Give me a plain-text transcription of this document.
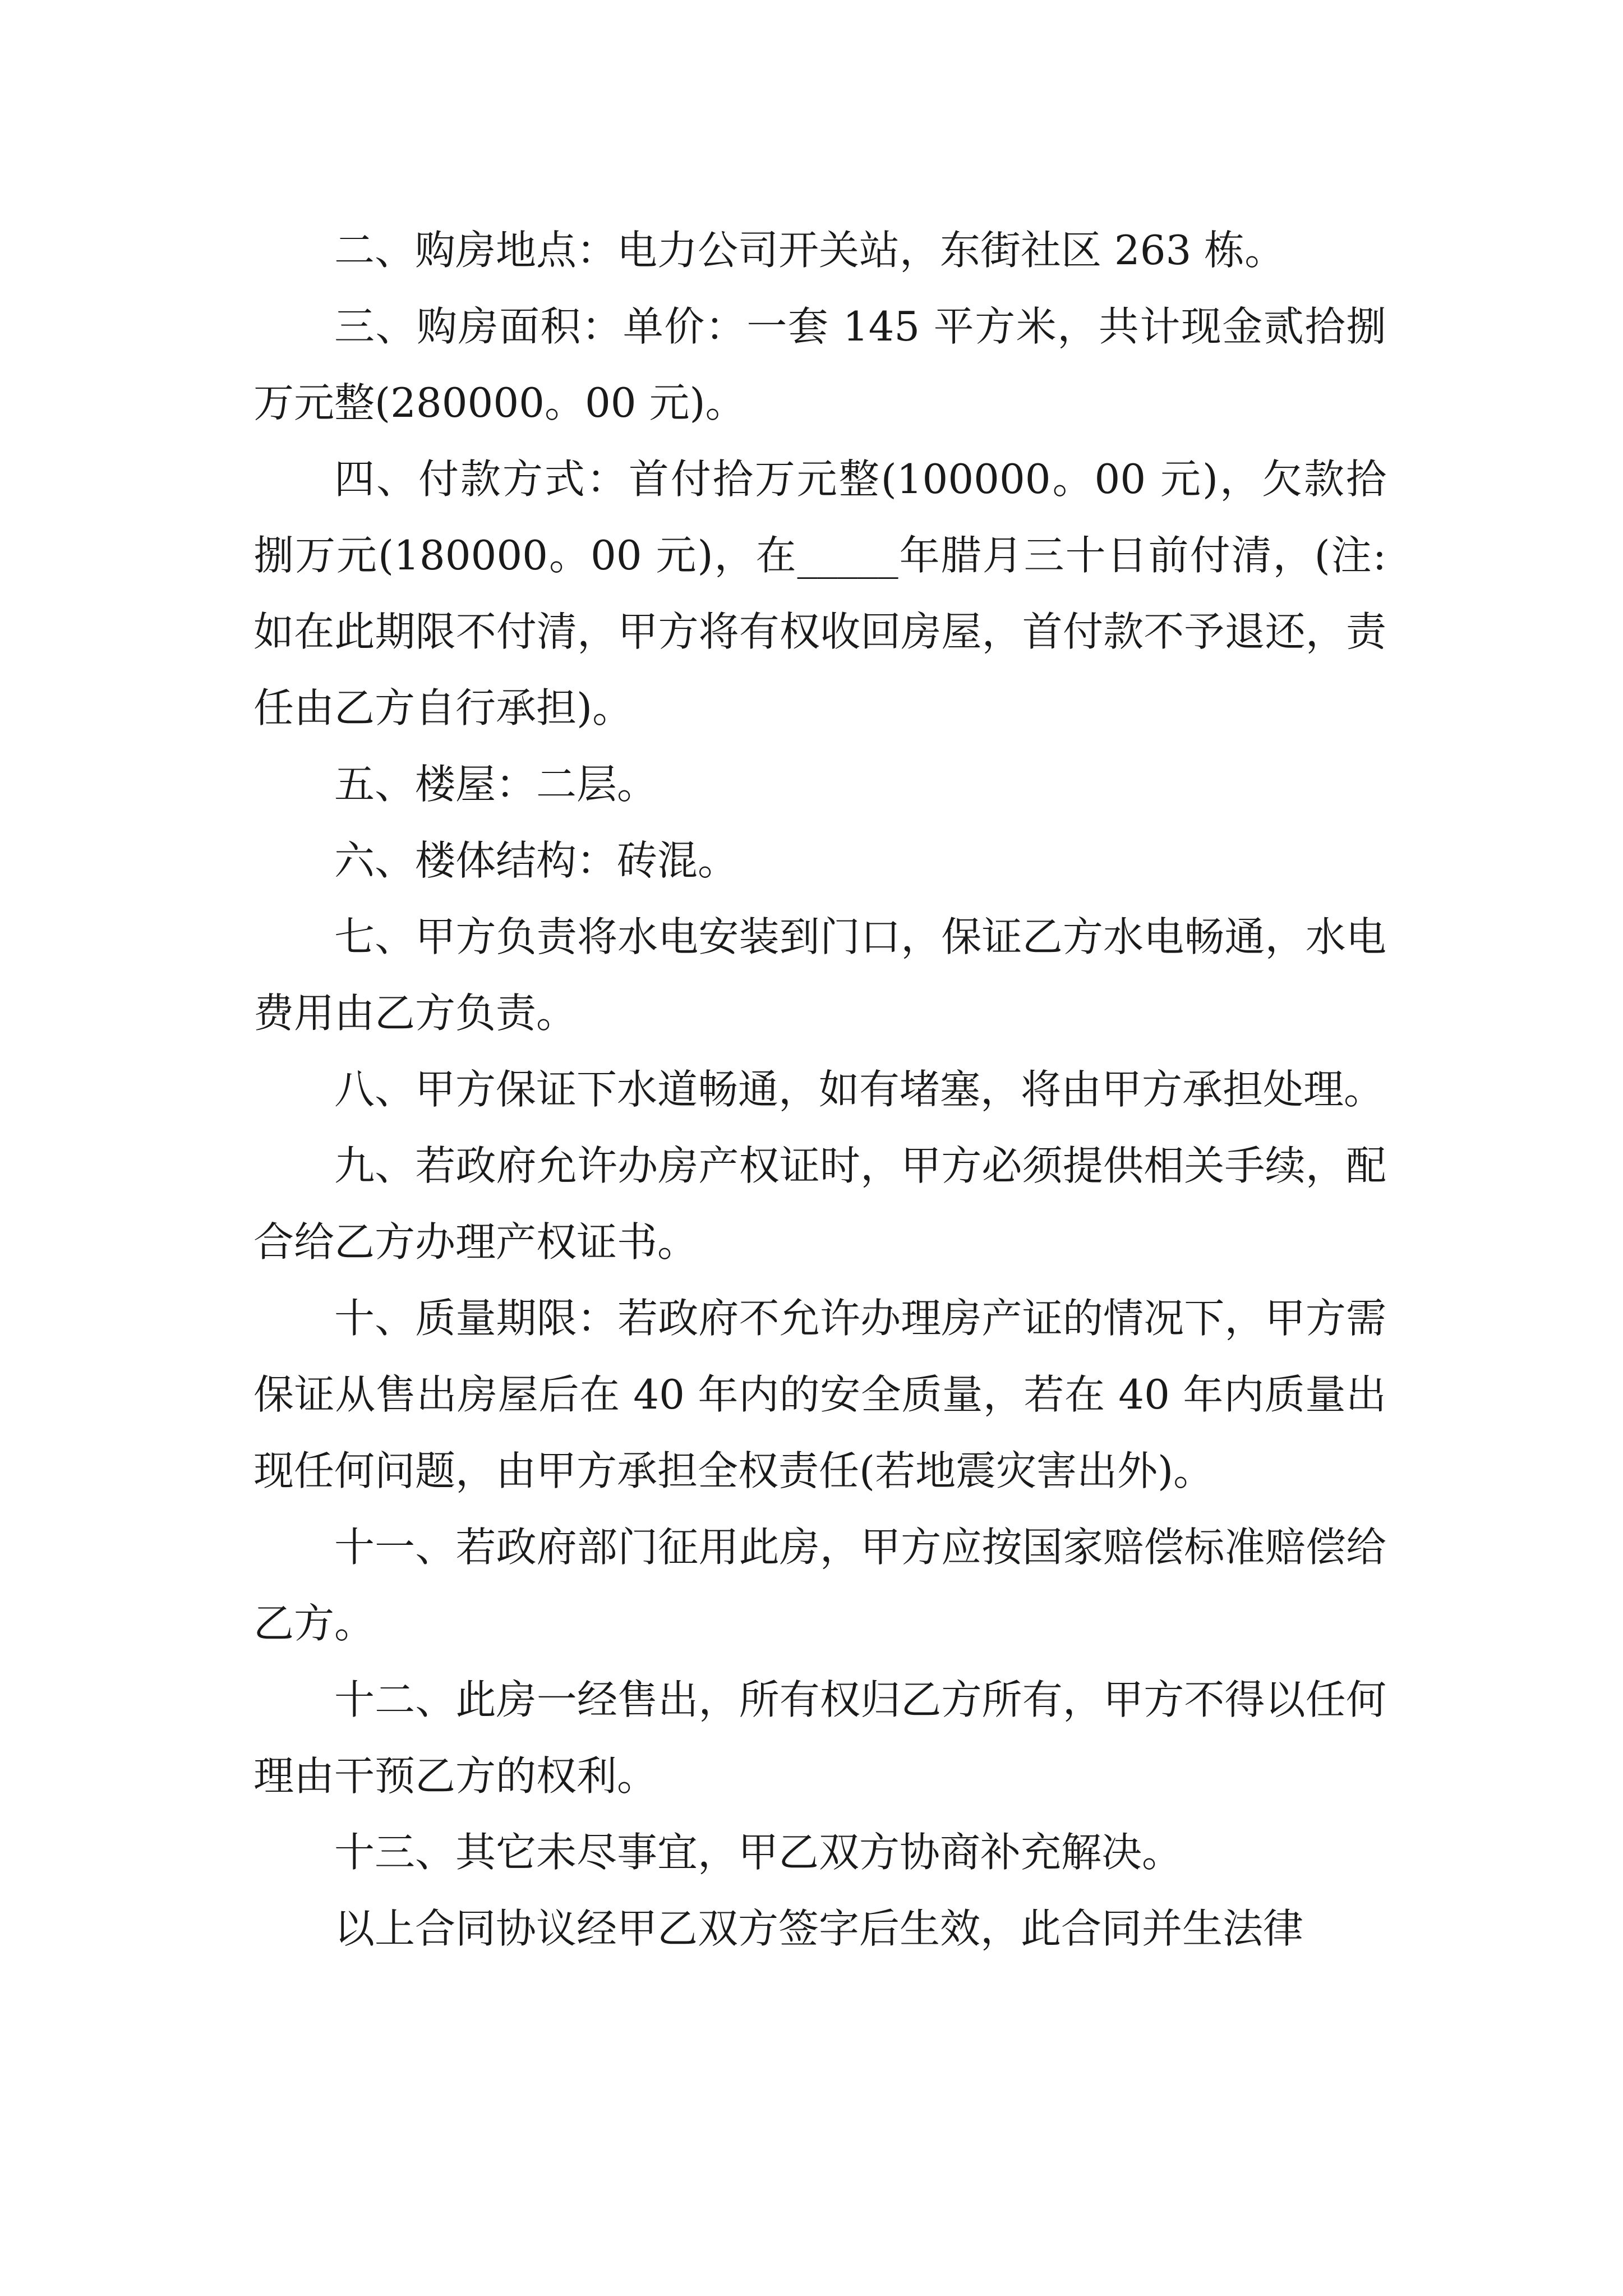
二、购房地点：电力公司开关站，东街社区 263 栋。

三、购房面积：单价：一套 145 平方米，共计现金贰拾捌万元整(280000。00 元)。

四、付款方式：首付拾万元整(100000。00 元)，欠款拾捌万元(180000。00 元)，在_____年腊月三十日前付清，(注:如在此期限不付清，甲方将有权收回房屋，首付款不予退还，责任由乙方自行承担)。

五、楼屋：二层。

六、楼体结构：砖混。

七、甲方负责将水电安装到门口，保证乙方水电畅通，水电费用由乙方负责。

八、甲方保证下水道畅通，如有堵塞，将由甲方承担处理。

九、若政府允许办房产权证时，甲方必须提供相关手续，配合给乙方办理产权证书。

十、质量期限：若政府不允许办理房产证的情况下，甲方需保证从售出房屋后在 40 年内的安全质量，若在 40 年内质量出现任何问题，由甲方承担全权责任(若地震灾害出外)。

十一、若政府部门征用此房，甲方应按国家赔偿标准赔偿给乙方。

十二、此房一经售出，所有权归乙方所有，甲方不得以任何理由干预乙方的权利。

十三、其它未尽事宜，甲乙双方协商补充解决。

以上合同协议经甲乙双方签字后生效，此合同并生法律
